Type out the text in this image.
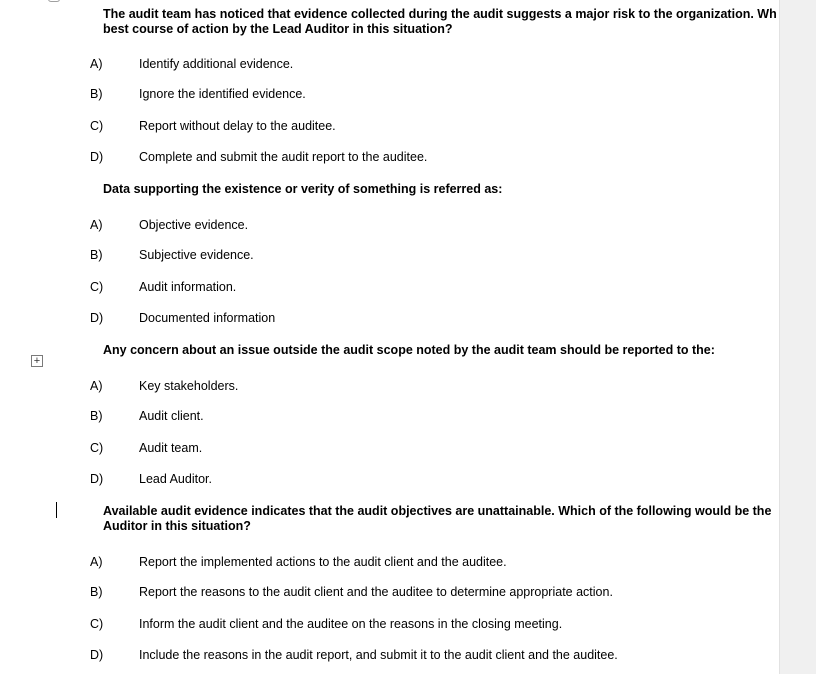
The audit team has noticed that evidence collected during the audit suggests a major risk to the organization. Wh
best course of action by the Lead Auditor in this situation?
A)	Identify additional evidence.
B)	Ignore the identified evidence.
C)	Report without delay to the auditee.
D)	Complete and submit the audit report to the auditee.
Data supporting the existence or verity of something is referred as:
A)	Objective evidence.
B)	Subjective evidence.
C)	Audit information.
D)	Documented information
+
Any concern about an issue outside the audit scope noted by the audit team should be reported to the:
A)	Key stakeholders.
B)	Audit client.
C)	Audit team.
D)	Lead Auditor.
Available audit evidence indicates that the audit objectives are unattainable. Which of the following would be the
Auditor in this situation?
A)	Report the implemented actions to the audit client and the auditee.
B)	Report the reasons to the audit client and the auditee to determine appropriate action.
C)	Inform the audit client and the auditee on the reasons in the closing meeting.
D)	Include the reasons in the audit report, and submit it to the audit client and the auditee.
